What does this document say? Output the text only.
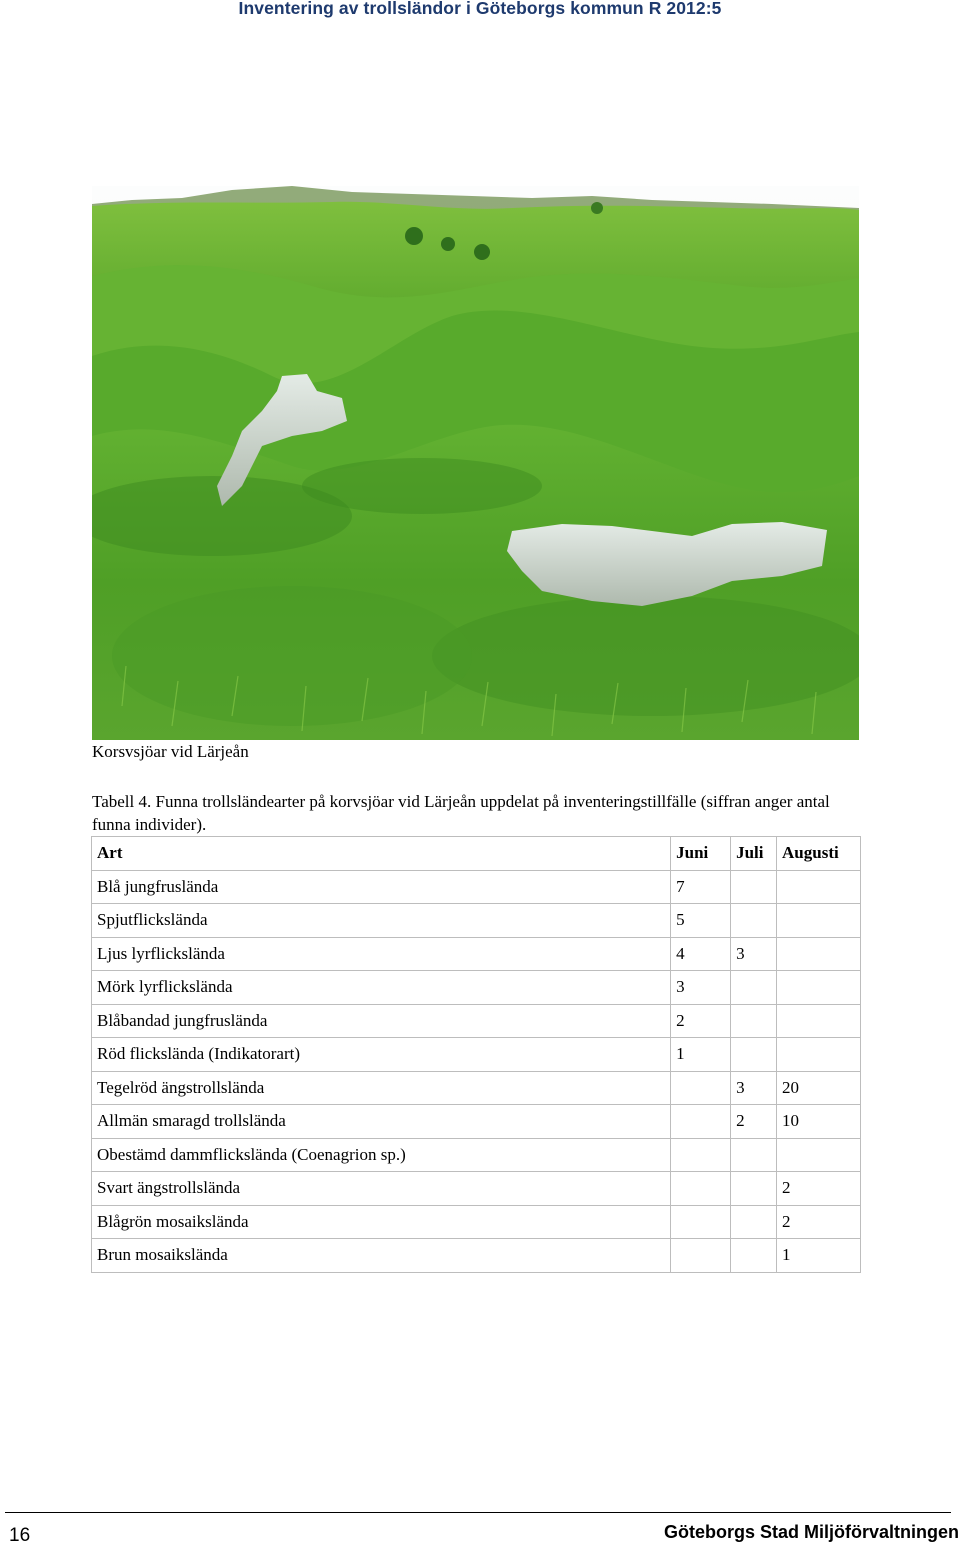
Inventering av trollsländor i Göteborgs kommun R 2012:5
Korsvsjöar vid Lärjeån
Tabell 4. Funna trollsländearter på korvsjöar vid Lärjeån uppdelat på inventeringstillfälle (siffran anger antal funna individer).
Art	Juni	Juli	Augusti
Blå jungfrusländа	7		
Spjutflickslända	5		
Ljus lyrflickslända	4	3	
Mörk lyrflickslända	3		
Blåbandad jungfrusländа	2		
Röd flickslända (Indikatorart)	1		
Tegelröd ängstrollslända		3	20
Allmän smaragd trollslända		2	10
Obestämd dammflickslända (Coenagrion sp.)			
Svart ängstrollslända			2
Blågrön mosaikslända			2
Brun mosaikslända			1
16	Göteborgs Stad Miljöförvaltningen
